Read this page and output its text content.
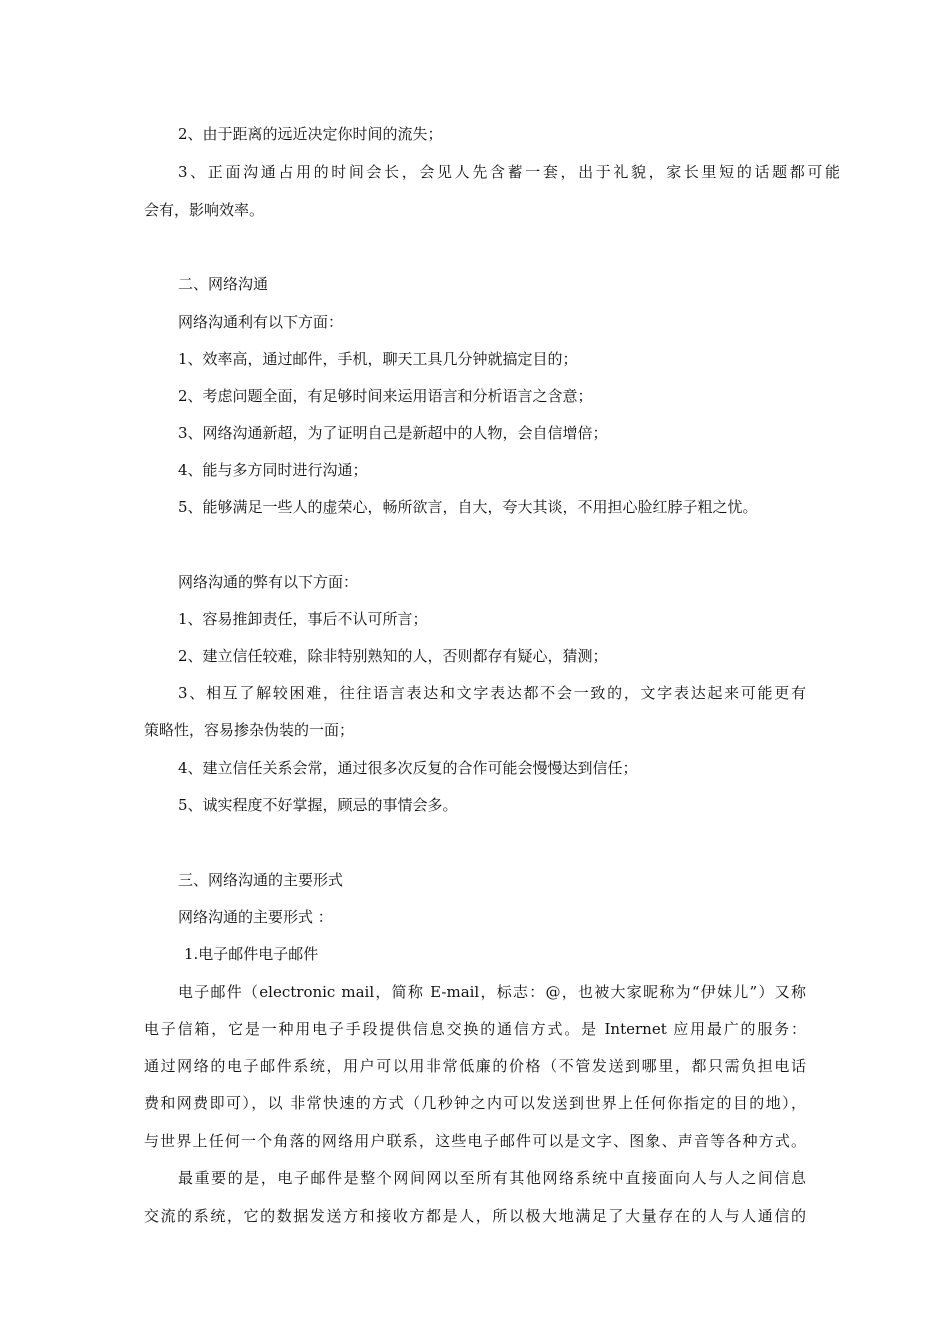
2、由于距离的远近决定你时间的流失；
3、正面沟通占用的时间会长，会见人先含蓄一套，出于礼貌，家长里短的话题都可能
会有，影响效率。
二、网络沟通
网络沟通利有以下方面：
1、效率高，通过邮件，手机，聊天工具几分钟就搞定目的；
2、考虑问题全面，有足够时间来运用语言和分析语言之含意；
3、网络沟通新超，为了证明自己是新超中的人物，会自信增倍；
4、能与多方同时进行沟通；
5、能够满足一些人的虚荣心，畅所欲言，自大，夸大其谈，不用担心脸红脖子粗之忧。
网络沟通的弊有以下方面：
1、容易推卸责任，事后不认可所言；
2、建立信任较难，除非特别熟知的人，否则都存有疑心，猜测；
3、相互了解较困难，往往语言表达和文字表达都不会一致的，文字表达起来可能更有
策略性，容易掺杂伪装的一面；
4、建立信任关系会常，通过很多次反复的合作可能会慢慢达到信任；
5、诚实程度不好掌握，顾忌的事情会多。
三、网络沟通的主要形式
网络沟通的主要形式 ：
1.电子邮件电子邮件
电子邮件（electronic mail，简称 E-mail，标志：@，也被大家昵称为“伊妹儿”）又称
电子信箱，它是一种用电子手段提供信息交换的通信方式。是 Internet 应用最广的服务：
通过网络的电子邮件系统，用户可以用非常低廉的价格（不管发送到哪里，都只需负担电话
费和网费即可），以 非常快速的方式（几秒钟之内可以发送到世界上任何你指定的目的地），
与世界上任何一个角落的网络用户联系，这些电子邮件可以是文字、图象、声音等各种方式。
最重要的是，电子邮件是整个网间网以至所有其他网络系统中直接面向人与人之间信息
交流的系统，它的数据发送方和接收方都是人，所以极大地满足了大量存在的人与人通信的
